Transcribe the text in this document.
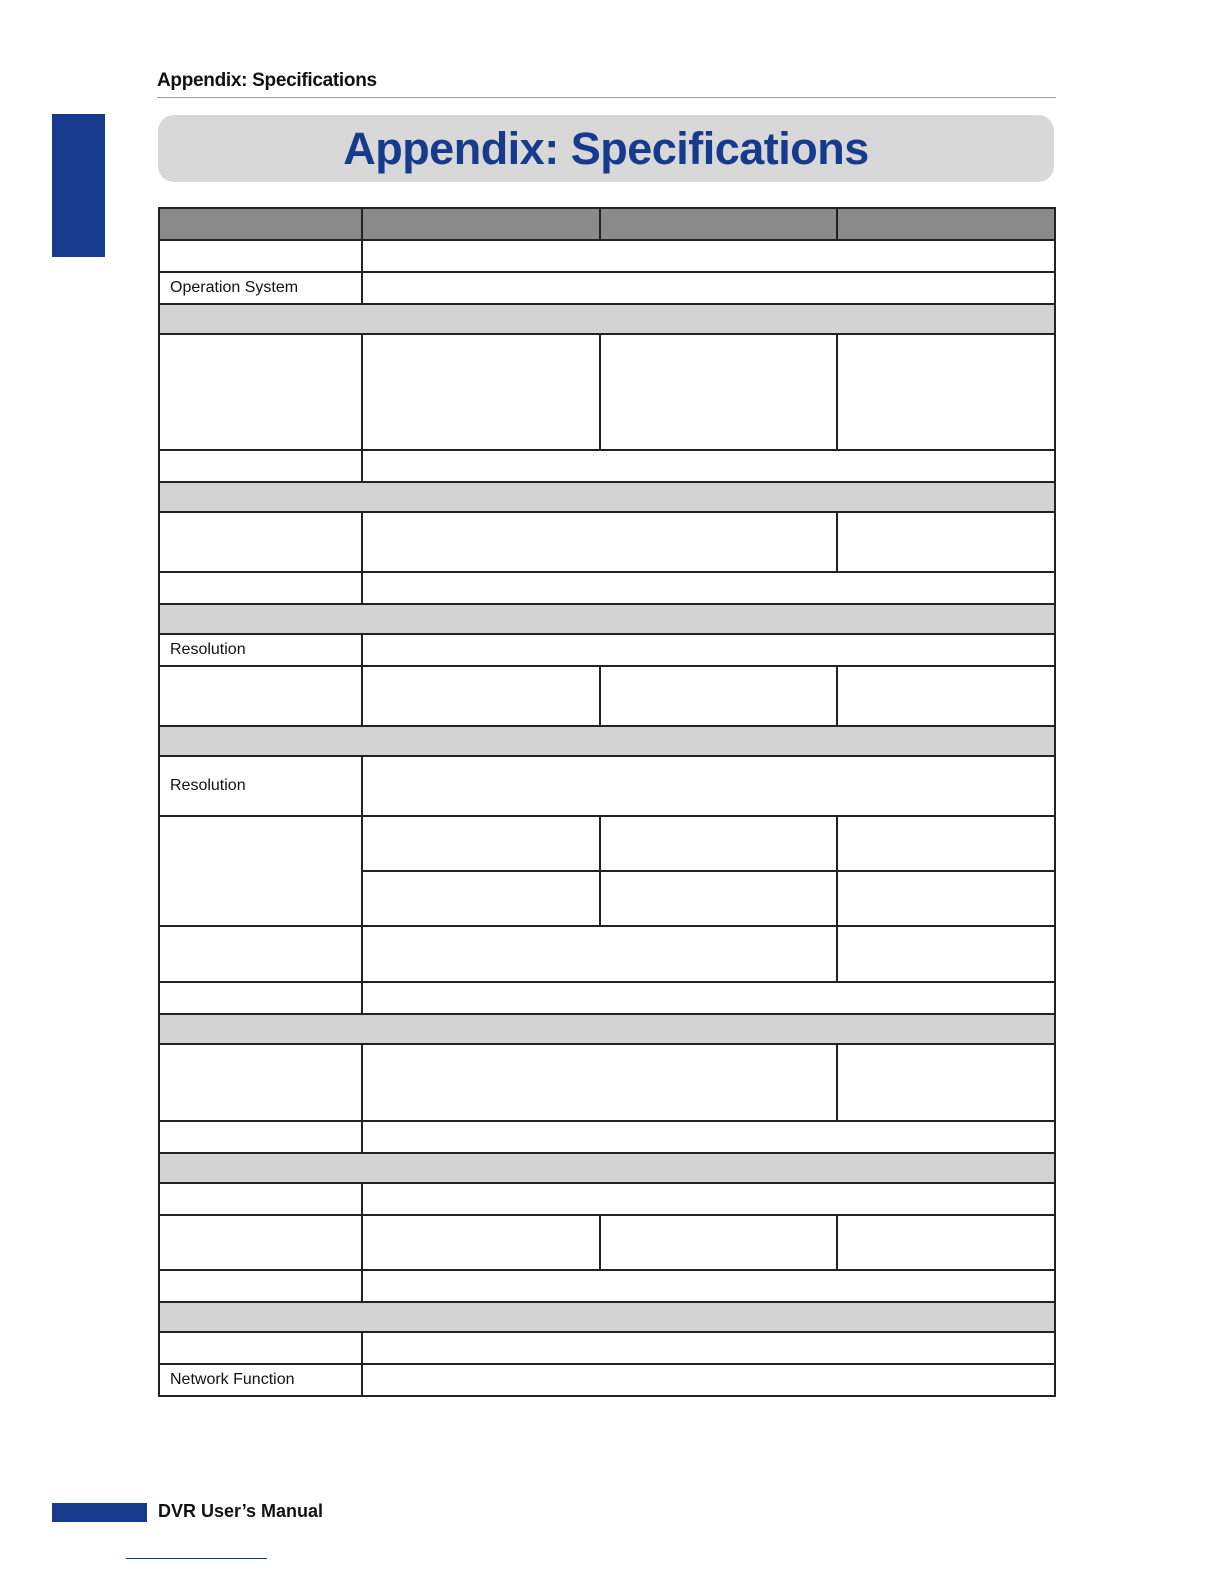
Appendix: Specifications
Appendix: Specifications

Operation System			

Resolution			

Resolution			

Network Function			
DVR User’s Manual
